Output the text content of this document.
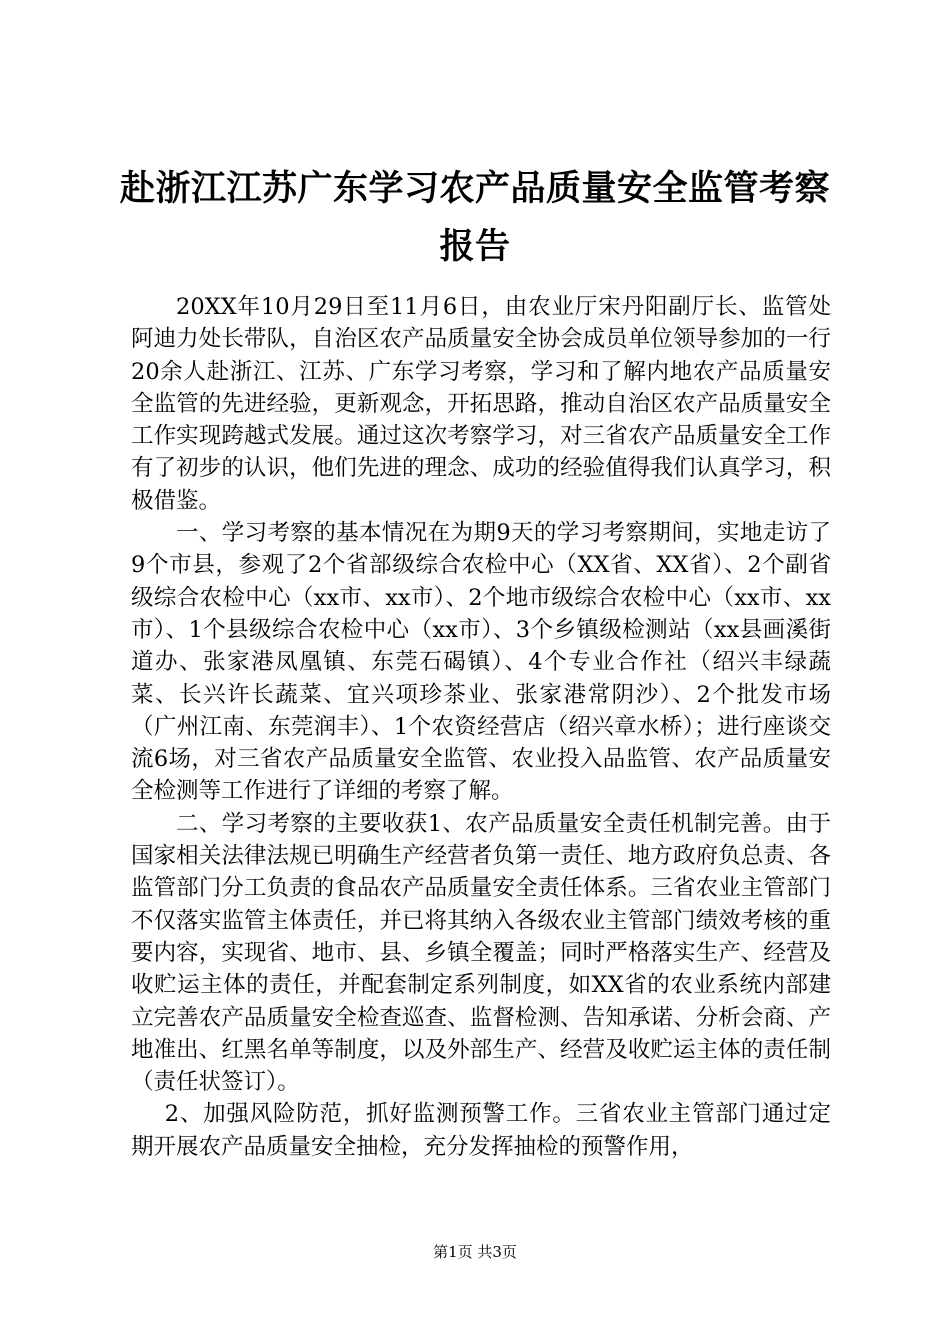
赴浙江江苏广东学习农产品质量安全监管考察报告

20XX年10月29日至11月6日，由农业厅宋丹阳副厅长、监管处阿迪力处长带队，自治区农产品质量安全协会成员单位领导参加的一行20余人赴浙江、江苏、广东学习考察，学习和了解内地农产品质量安全监管的先进经验，更新观念，开拓思路，推动自治区农产品质量安全工作实现跨越式发展。通过这次考察学习，对三省农产品质量安全工作有了初步的认识，他们先进的理念、成功的经验值得我们认真学习，积极借鉴。

一、学习考察的基本情况在为期9天的学习考察期间，实地走访了9个市县，参观了2个省部级综合农检中心（XX省、XX省）、2个副省级综合农检中心（xx市、xx市）、2个地市级综合农检中心（xx市、xx市）、1个县级综合农检中心（xx市）、3个乡镇级检测站（xx县画溪街道办、张家港凤凰镇、东莞石碣镇）、4个专业合作社（绍兴丰绿蔬菜、长兴许长蔬菜、宜兴项珍茶业、张家港常阴沙）、2个批发市场（广州江南、东莞润丰）、1个农资经营店（绍兴章水桥）；进行座谈交流6场，对三省农产品质量安全监管、农业投入品监管、农产品质量安全检测等工作进行了详细的考察了解。

二、学习考察的主要收获1、农产品质量安全责任机制完善。由于国家相关法律法规已明确生产经营者负第一责任、地方政府负总责、各监管部门分工负责的食品农产品质量安全责任体系。三省农业主管部门不仅落实监管主体责任，并已将其纳入各级农业主管部门绩效考核的重要内容，实现省、地市、县、乡镇全覆盖；同时严格落实生产、经营及收贮运主体的责任，并配套制定系列制度，如XX省的农业系统内部建立完善农产品质量安全检查巡查、监督检测、告知承诺、分析会商、产地准出、红黑名单等制度，以及外部生产、经营及收贮运主体的责任制（责任状签订）。

2、加强风险防范，抓好监测预警工作。三省农业主管部门通过定期开展农产品质量安全抽检，充分发挥抽检的预警作用，

第1页 共3页
